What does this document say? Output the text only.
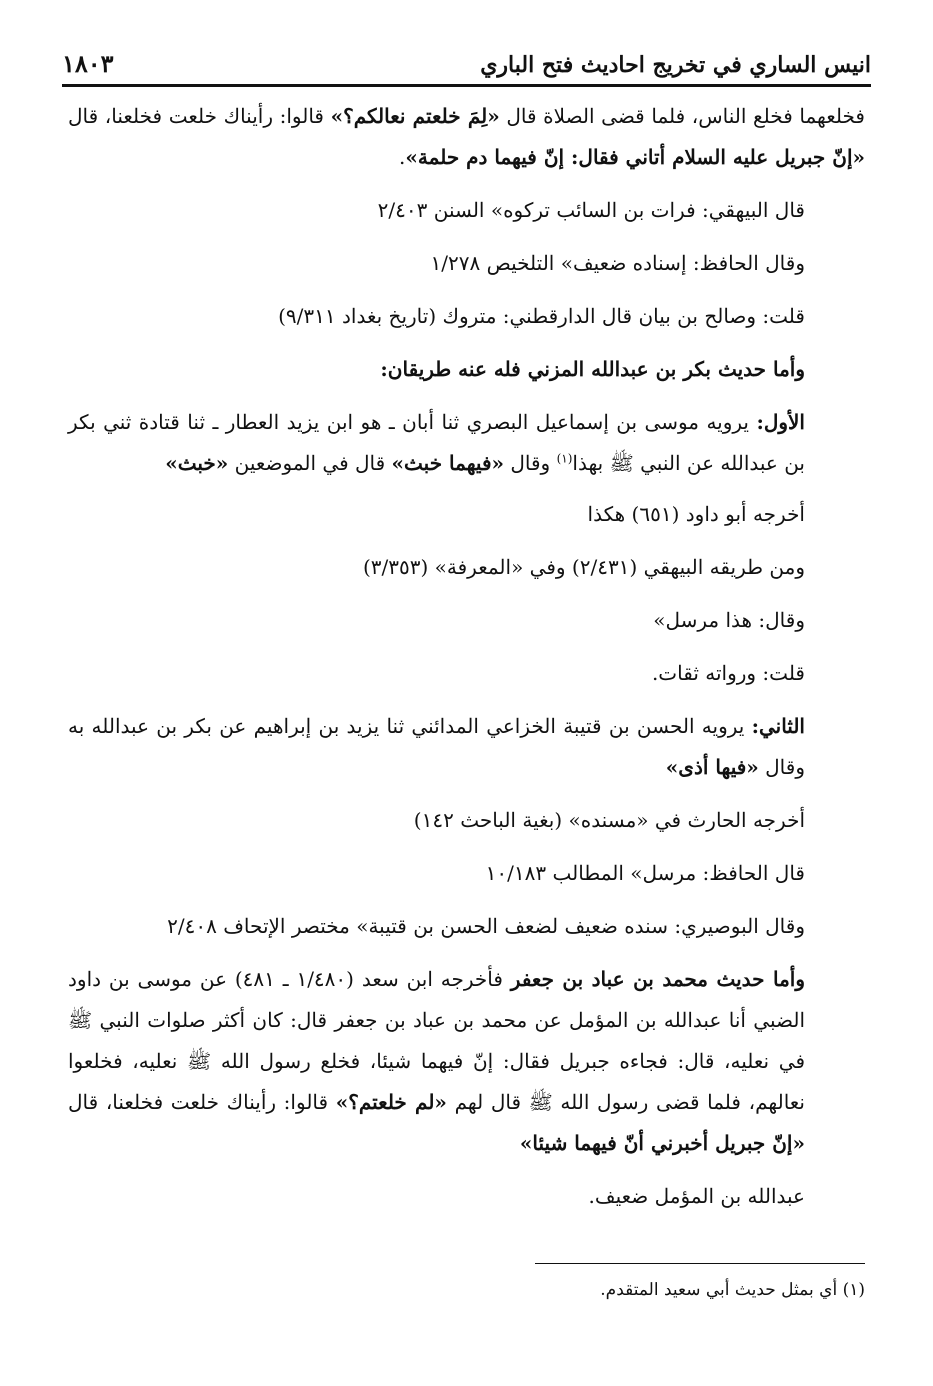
١٨٠٣	انيس الساري في تخريج احاديث فتح الباري

فخلعهما فخلع الناس، فلما قضى الصلاة قال «لِمَ خلعتم نعالكم؟» قالوا: رأيناك خلعت فخلعنا، قال «إنّ جبريل عليه السلام أتاني فقال: إنّ فيهما دم حلمة».

قال البيهقي: فرات بن السائب تركوه» السنن ٢/٤٠٣

وقال الحافظ: إسناده ضعيف» التلخيص ١/٢٧٨

قلت: وصالح بن بيان قال الدارقطني: متروك (تاريخ بغداد ٩/٣١١)

وأما حديث بكر بن عبدالله المزني فله عنه طريقان:

الأول: يرويه موسى بن إسماعيل البصري ثنا أبان ـ هو ابن يزيد العطار ـ ثنا قتادة ثني بكر بن عبدالله عن النبي ﷺ بهذا$^{(١)}$ وقال «فيهما خبث» قال في الموضعين «خبث»

أخرجه أبو داود (٦٥١) هكذا

ومن طريقه البيهقي (٢/٤٣١) وفي «المعرفة» (٣/٣٥٣)

وقال: هذا مرسل»

قلت: ورواته ثقات.

الثاني: يرويه الحسن بن قتيبة الخزاعي المدائني ثنا يزيد بن إبراهيم عن بكر بن عبدالله به وقال «فيها أذى»

أخرجه الحارث في «مسنده» (بغية الباحث ١٤٢)

قال الحافظ: مرسل» المطالب ١٠/١٨٣

وقال البوصيري: سنده ضعيف لضعف الحسن بن قتيبة» مختصر الإتحاف ٢/٤٠٨

وأما حديث محمد بن عباد بن جعفر فأخرجه ابن سعد (١/٤٨٠ ـ ٤٨١) عن موسى بن داود الضبي أنا عبدالله بن المؤمل عن محمد بن عباد بن جعفر قال: كان أكثر صلوات النبي ﷺ في نعليه، قال: فجاءه جبريل فقال: إنّ فيهما شيئا، فخلع رسول الله ﷺ نعليه، فخلعوا نعالهم، فلما قضى رسول الله ﷺ قال لهم «لم خلعتم؟» قالوا: رأيناك خلعت فخلعنا، قال «إنّ جبريل أخبرني أنّ فيهما شيئا»

عبدالله بن المؤمل ضعيف.

(١) أي بمثل حديث أبي سعيد المتقدم.
